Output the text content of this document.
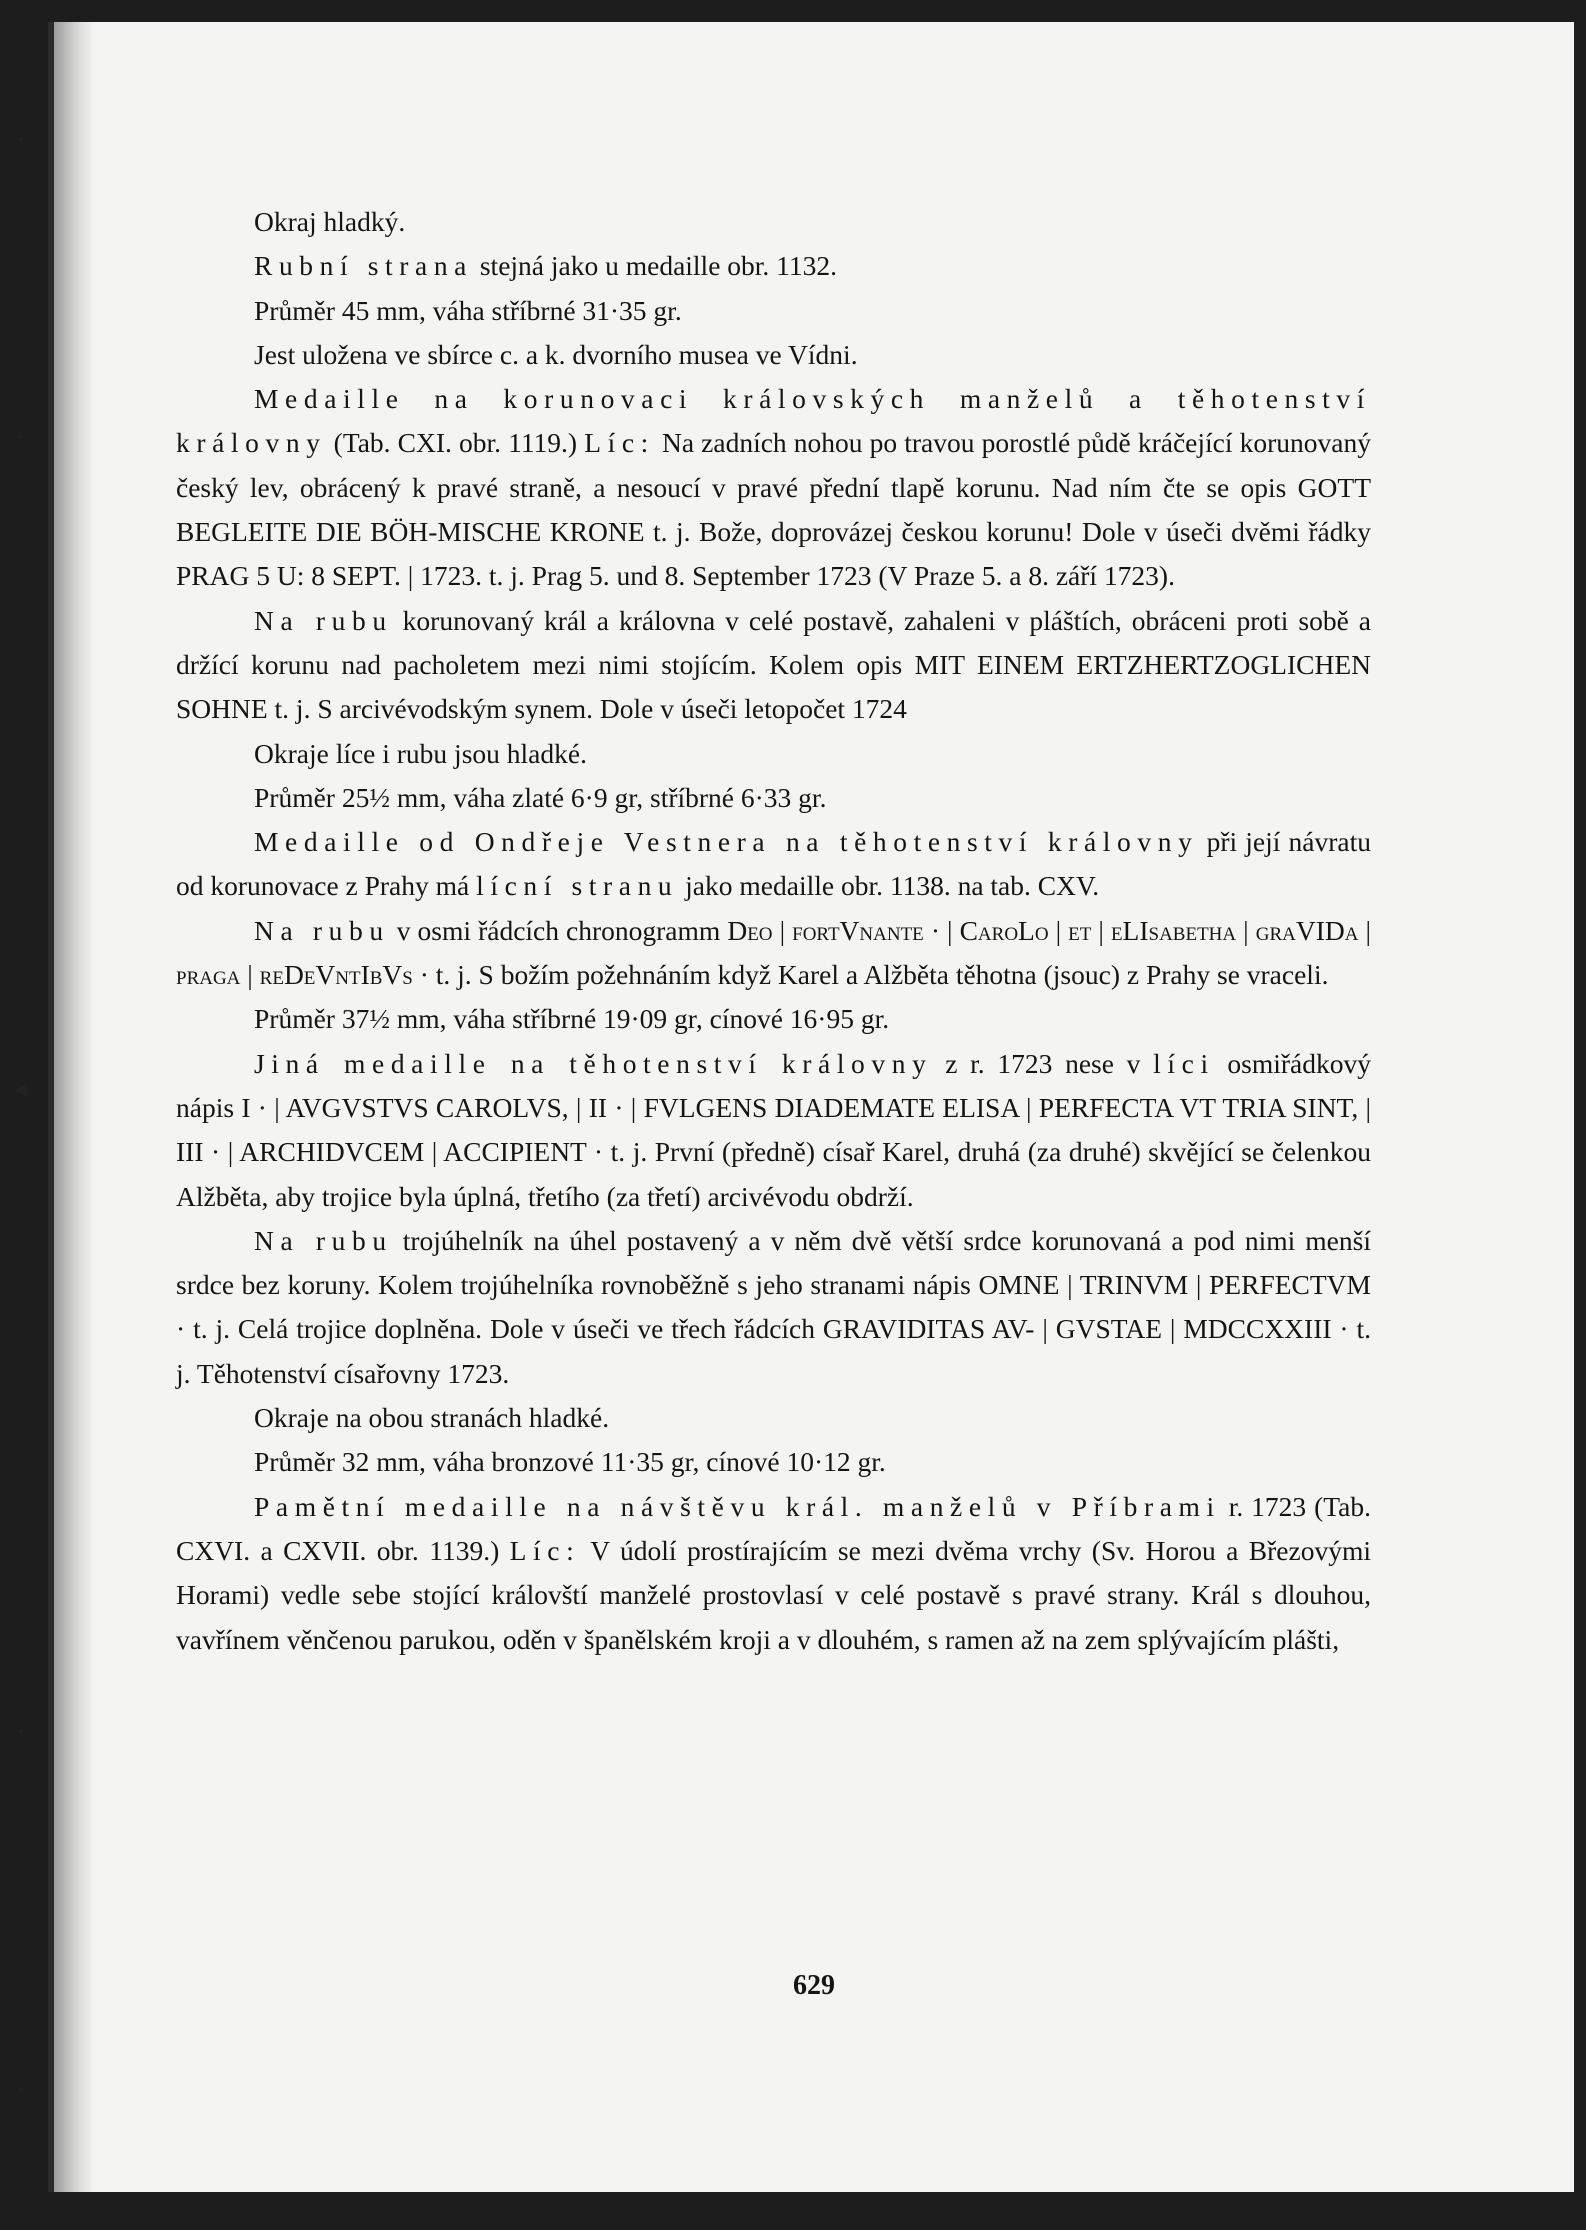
Okraj hladký.

Rubní strana stejná jako u medaille obr. 1132.

Průměr 45 mm, váha stříbrné 31·35 gr.

Jest uložena ve sbírce c. a k. dvorního musea ve Vídni.

Medaille na korunovaci královských manželů a těhotenství královny (Tab. CXI. obr. 1119.) Líc: Na zadních nohou po travou porostlé půdě kráčející korunovaný český lev, obrácený k pravé straně, a nesoucí v pravé přední tlapě korunu. Nad ním čte se opis GOTT BEGLEITE DIE BÖH-MISCHE KRONE t. j. Bože, doprovázej českou korunu! Dole v úseči dvěmi řádky PRAG 5 U: 8 SEPT. | 1723. t. j. Prag 5. und 8. September 1723 (V Praze 5. a 8. září 1723).

Na rubu korunovaný král a královna v celé postavě, zahaleni v pláštích, obráceni proti sobě a držící korunu nad pacholetem mezi nimi stojícím. Kolem opis MIT EINEM ERTZHERTZOGLICHEN SOHNE t. j. S arcivévodským synem. Dole v úseči letopočet 1724

Okraje líce i rubu jsou hladké.

Průměr 25½ mm, váha zlaté 6·9 gr, stříbrné 6·33 gr.

Medaille od Ondřeje Vestnera na těhotenství královny při její návratu od korunovace z Prahy má lícní stranu jako medaille obr. 1138. na tab. CXV.

Na rubu v osmi řádcích chronogramm Deo | fortVnante · | CaroLo | et | eLIsabetha | graVIDa | praga | reDeVntIbVs · t. j. S božím požehnáním když Karel a Alžběta těhotna (jsouc) z Prahy se vraceli.

Průměr 37½ mm, váha stříbrné 19·09 gr, cínové 16·95 gr.

Jiná medaille na těhotenství královny z r. 1723 nese v líci osmiřádkový nápis I · | AVGVSTVS CAROLVS, | II · | FVLGENS DIADEMATE ELISA | PERFECTA VT TRIA SINT, | III · | ARCHIDVCEM | ACCIPIENT · t. j. První (předně) císař Karel, druhá (za druhé) skvějící se čelenkou Alžběta, aby trojice byla úplná, třetího (za třetí) arcivévodu obdrží.

Na rubu trojúhelník na úhel postavený a v něm dvě větší srdce korunovaná a pod nimi menší srdce bez koruny. Kolem trojúhelníka rovnoběžně s jeho stranami nápis OMNE | TRINVM | PERFECTVM · t. j. Celá trojice doplněna. Dole v úseči ve třech řádcích GRAVIDITAS AV- | GVSTAE | MDCCXXIII · t. j. Těhotenství císařovny 1723.

Okraje na obou stranách hladké.

Průměr 32 mm, váha bronzové 11·35 gr, cínové 10·12 gr.

Pamětní medaille na návštěvu král. manželů v Příbrami r. 1723 (Tab. CXVI. a CXVII. obr. 1139.) Líc: V údolí prostírajícím se mezi dvěma vrchy (Sv. Horou a Březovými Horami) vedle sebe stojící královští manželé prostovlasí v celé postavě s pravé strany. Král s dlouhou, vavřínem věnčenou parukou, oděn v španělském kroji a v dlouhém, s ramen až na zem splývajícím plášti,

629
•
-
◂
•
•
